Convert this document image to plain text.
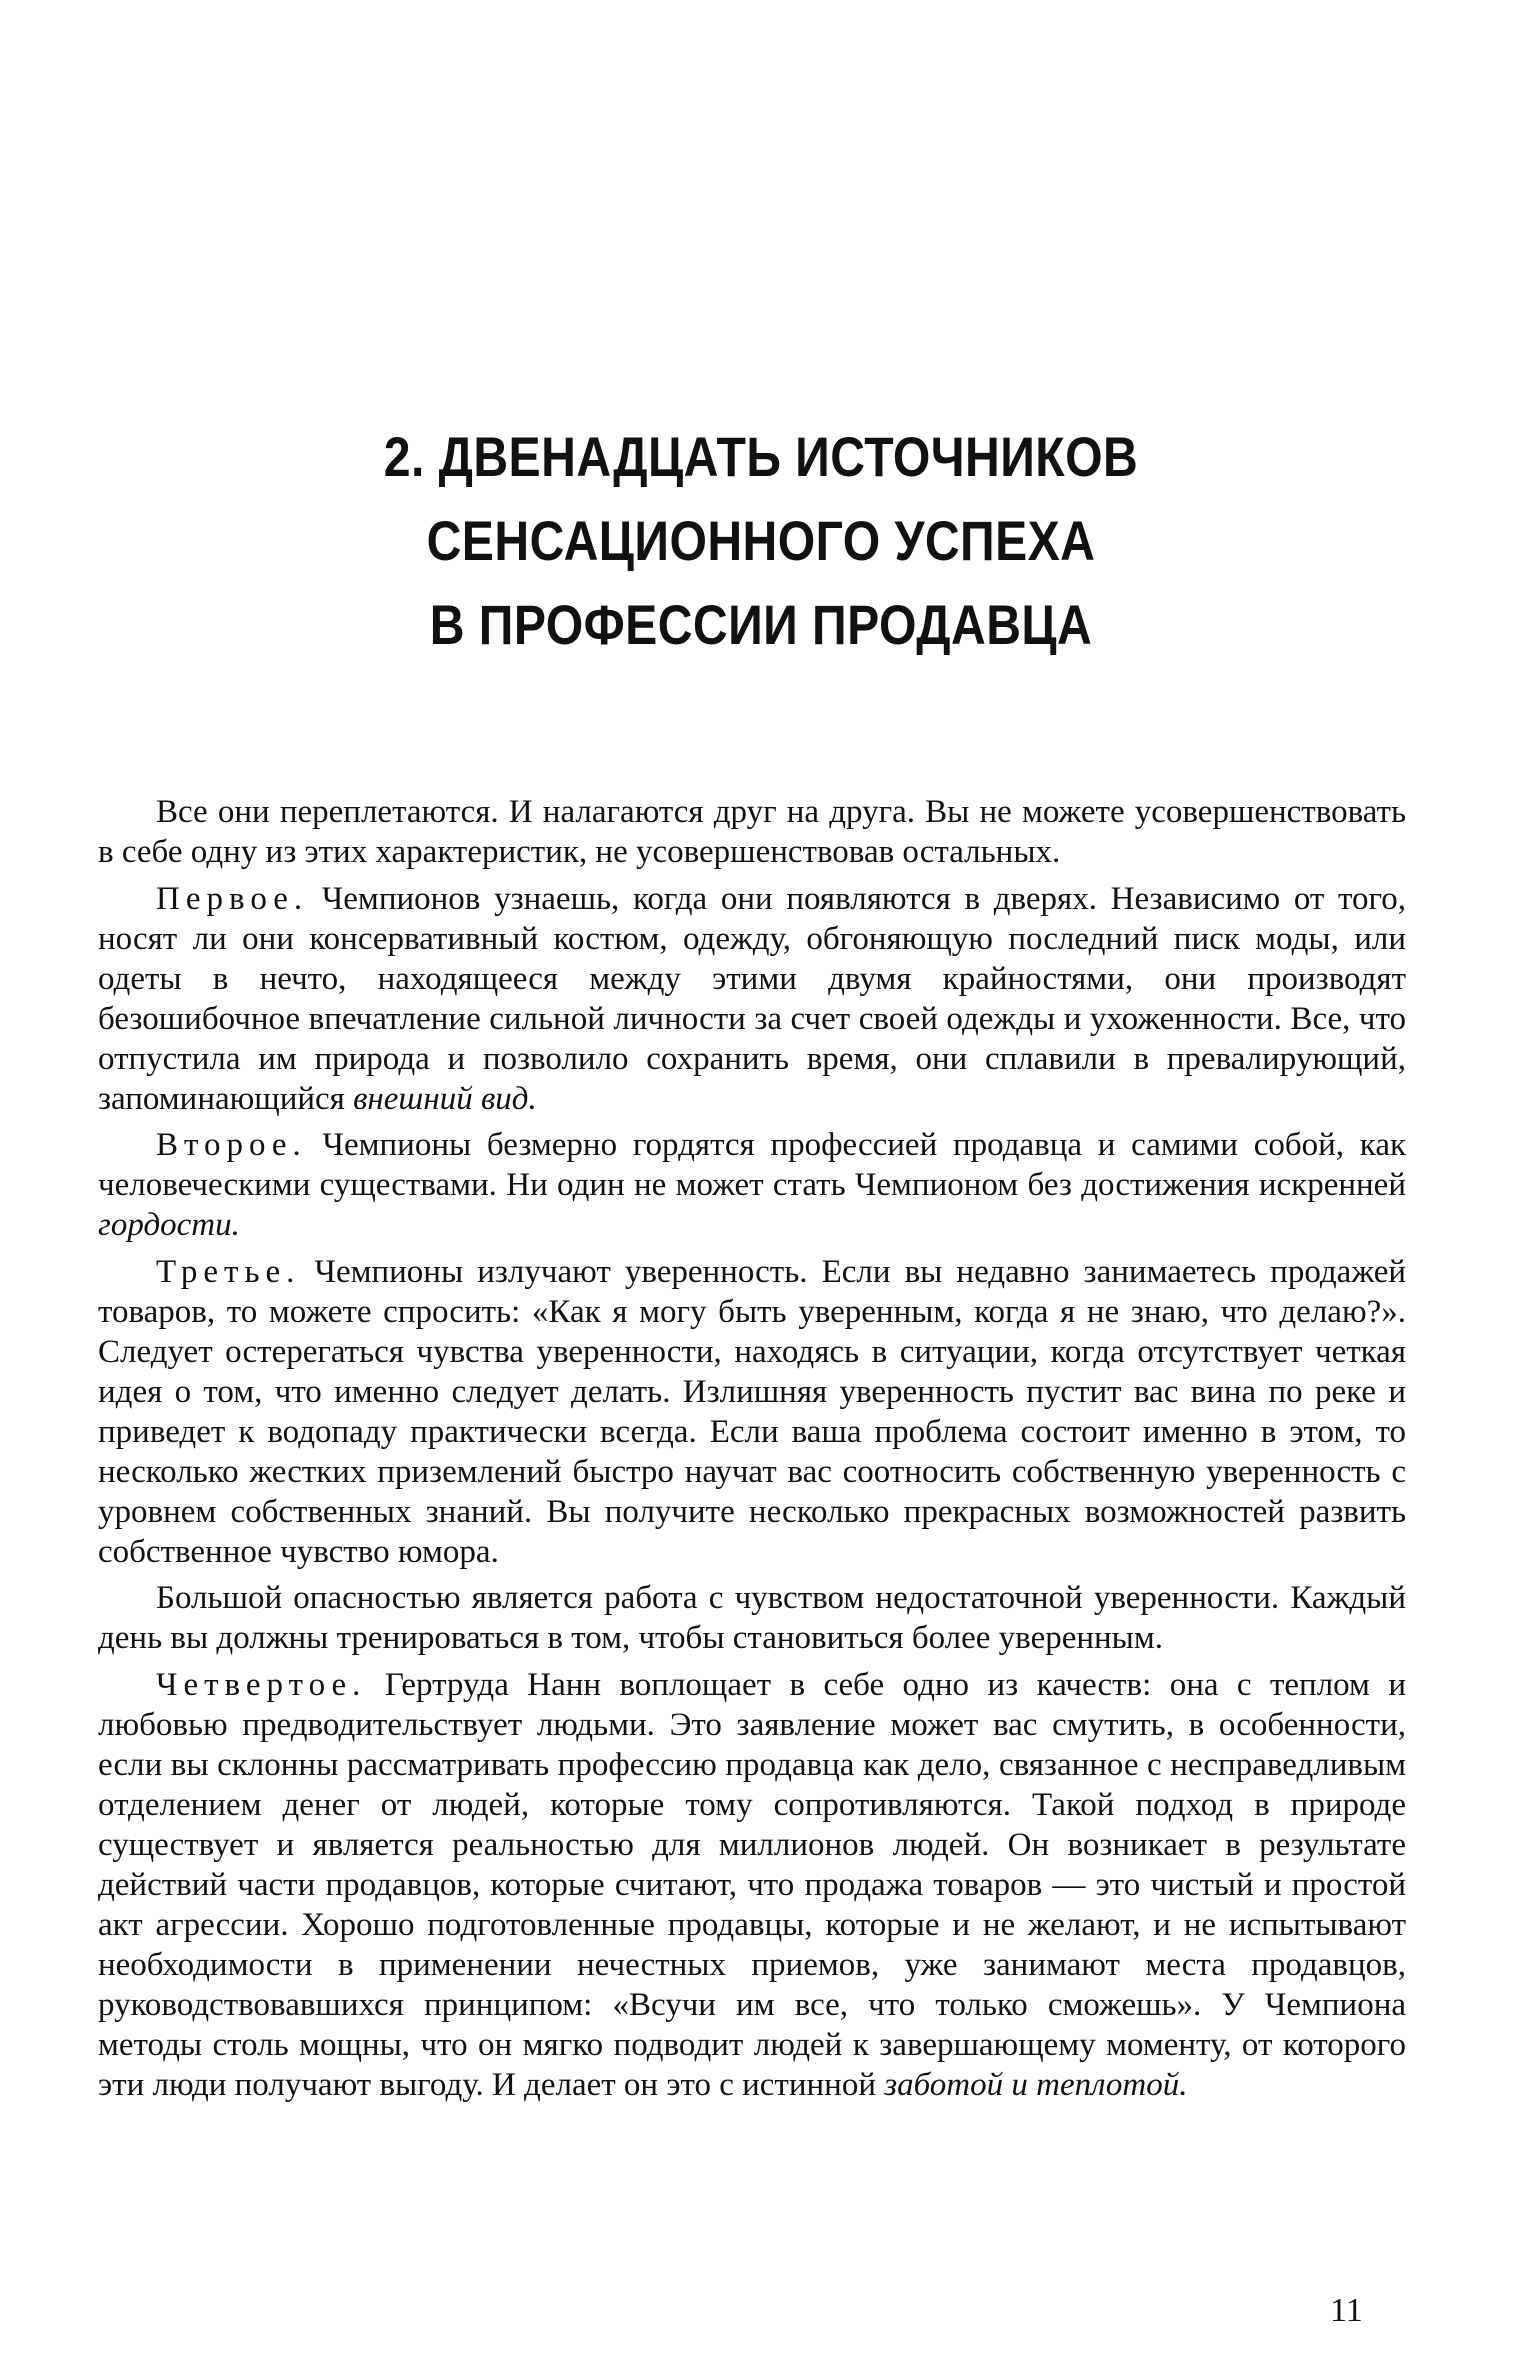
2. ДВЕНАДЦАТЬ ИСТОЧНИКОВ
СЕНСАЦИОННОГО УСПЕХА
В ПРОФЕССИИ ПРОДАВЦА

Все они переплетаются. И налагаются друг на друга. Вы не можете усовершенствовать в себе одну из этих характеристик, не усовершенствовав остальных.

Первое. Чемпионов узнаешь, когда они появляются в дверях. Независимо от того, носят ли они консервативный костюм, одежду, обгоняющую последний писк моды, или одеты в нечто, находящееся между этими двумя крайностями, они производят безошибочное впечатление сильной личности за счет своей одежды и ухоженности. Все, что отпустила им природа и позволило сохранить время, они сплавили в превалирующий, запоминающийся внешний вид.

Второе. Чемпионы безмерно гордятся профессией продавца и самими собой, как человеческими существами. Ни один не может стать Чемпионом без достижения искренней гордости.

Третье. Чемпионы излучают уверенность. Если вы недавно занимаетесь продажей товаров, то можете спросить: «Как я могу быть уверенным, когда я не знаю, что делаю?». Следует остерегаться чувства уверенности, находясь в ситуации, когда отсутствует четкая идея о том, что именно следует делать. Излишняя уверенность пустит вас вина по реке и приведет к водопаду практически всегда. Если ваша проблема состоит именно в этом, то несколько жестких приземлений быстро научат вас соотносить собственную уверенность с уровнем собственных знаний. Вы получите несколько прекрасных возможностей развить собственное чувство юмора.

Большой опасностью является работа с чувством недостаточной уверенности. Каждый день вы должны тренироваться в том, чтобы становиться более уверенным.

Четвертое. Гертруда Нанн воплощает в себе одно из качеств: она с теплом и любовью предводительствует людьми. Это заявление может вас смутить, в особенности, если вы склонны рассматривать профессию продавца как дело, связанное с несправедливым отделением денег от людей, которые тому сопротивляются. Такой подход в природе существует и является реальностью для миллионов людей. Он возникает в результате действий части продавцов, которые считают, что продажа товаров — это чистый и простой акт агрессии. Хорошо подготовленные продавцы, которые и не желают, и не испытывают необходимости в применении нечестных приемов, уже занимают места продавцов, руководствовавшихся принципом: «Всучи им все, что только сможешь». У Чемпиона методы столь мощны, что он мягко подводит людей к завершающему моменту, от которого эти люди получают выгоду. И делает он это с истинной заботой и теплотой.

11
